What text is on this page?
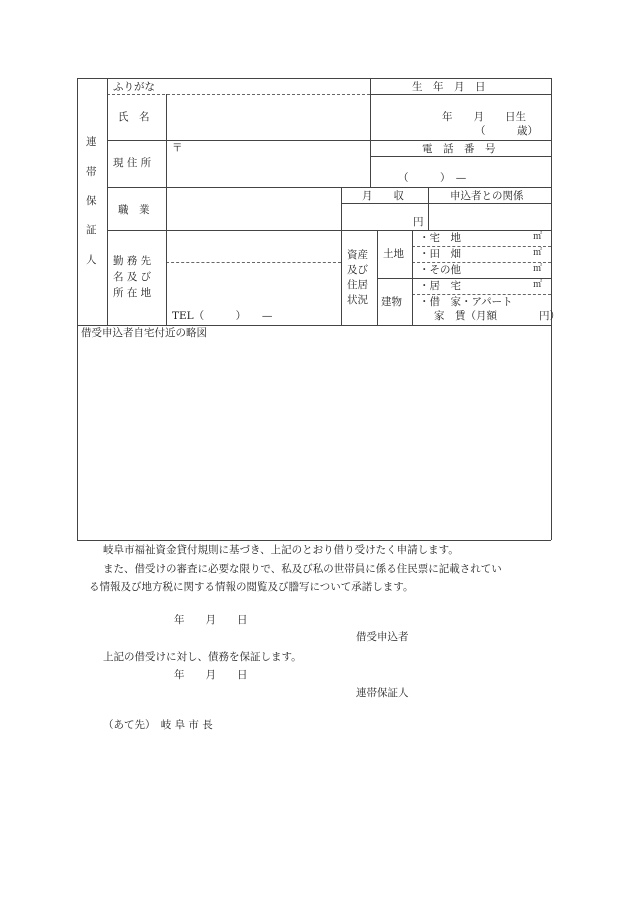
連
帯
保
証
人
ふりがな
氏　名
現 住 所
〒
職　業
勤 務 先
名 及 び
所 在 地
TEL（　　　）　　—
生　年　月　日
年　　月　　日生
（　　　歳）
電　話　番　号
（　　　）　—
月　　収	申込者との関係
円
資産
及び
住居
状況
土地
建物
・宅　地
・田　畑
・その他
・居　宅
・借　家・アパート
家　賃（月額　　　　円）
㎡
㎡
㎡
㎡
借受申込者自宅付近の略図
岐阜市福祉資金貸付規則に基づき、上記のとおり借り受けたく申請します。
また、借受けの審査に必要な限りで、私及び私の世帯員に係る住民票に記載されてい
る情報及び地方税に関する情報の閲覧及び謄写について承諾します。
年　　月　　日
借受申込者
上記の借受けに対し、債務を保証します。
年　　月　　日
連帯保証人
（あて先）　岐 阜 市 長
